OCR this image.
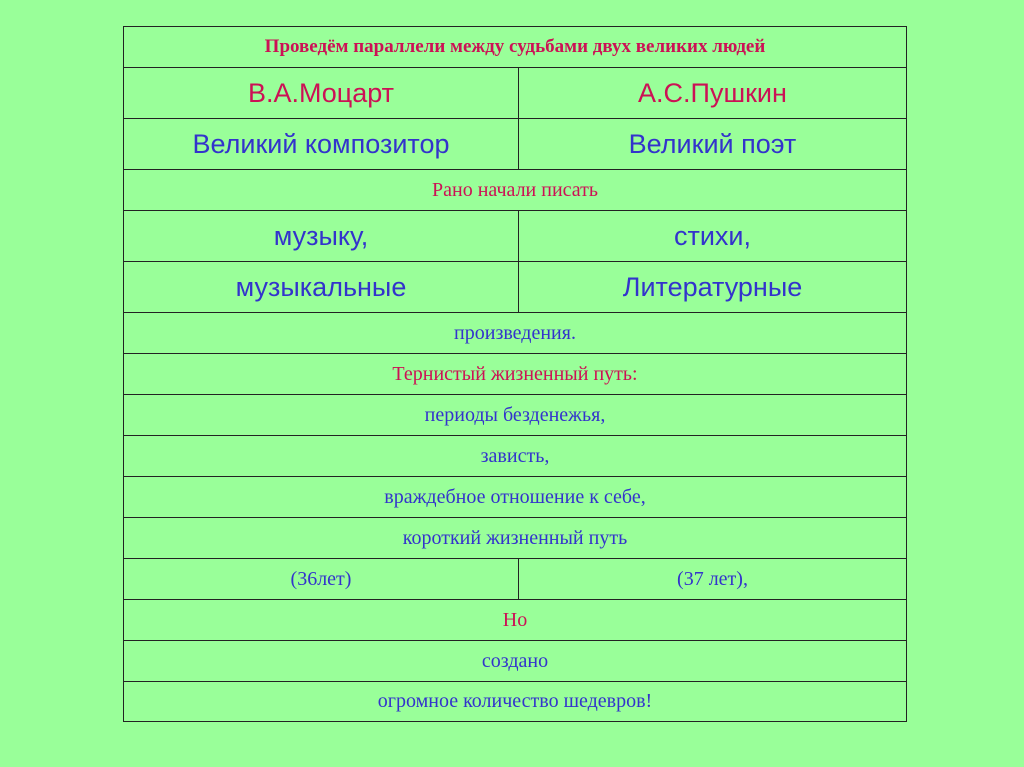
Проведём параллели между судьбами двух великих людей	
В.А.Моцарт	А.С.Пушкин
Великий композитор	Великий поэт
Рано начали писать	
музыку,	стихи,
музыкальные	Литературные
произведения.	
Тернистый жизненный путь:	
периоды безденежья,	
зависть,	
враждебное отношение к себе,	
короткий жизненный путь	
(36лет)	(37 лет),
Но	
создано	
огромное количество шедевров!	
